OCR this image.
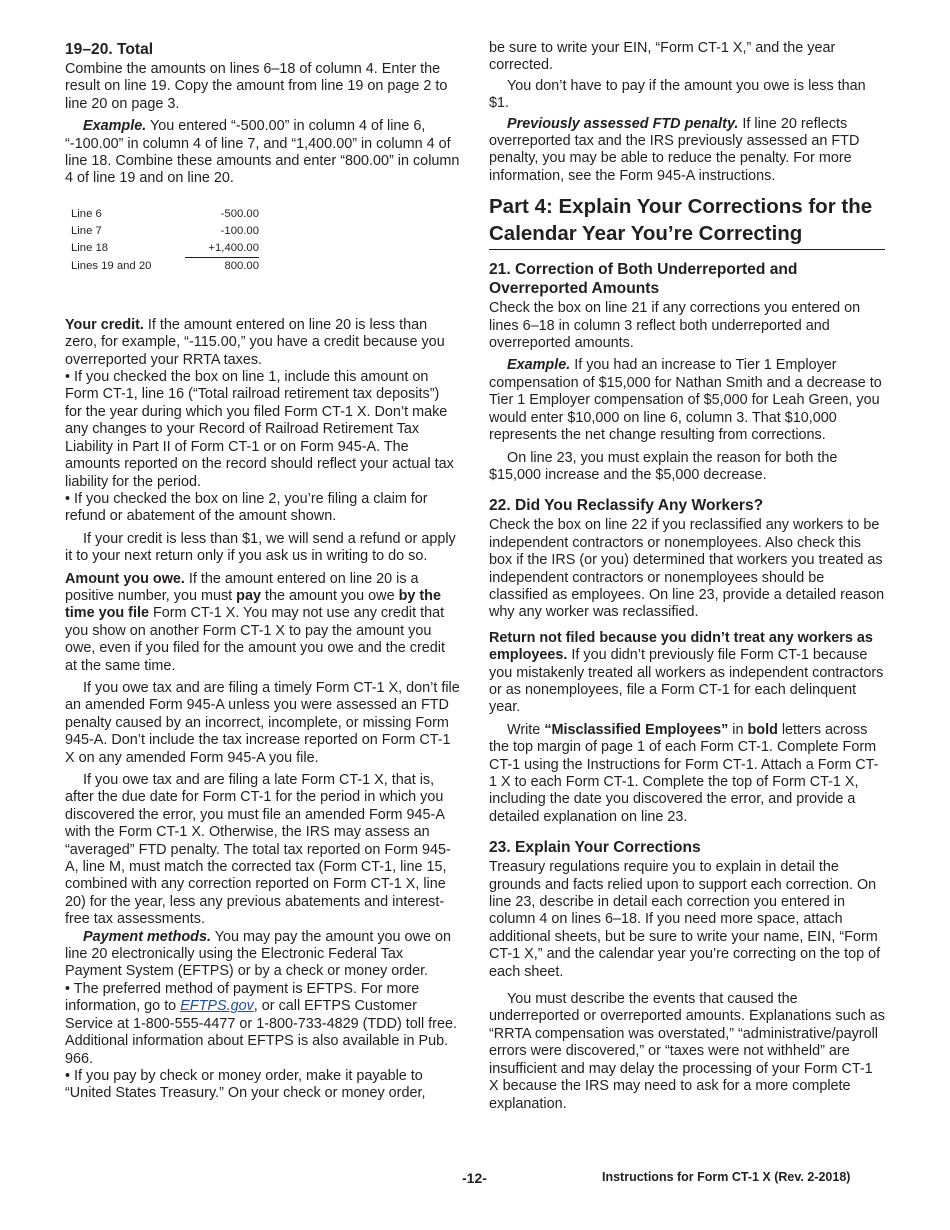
19–20. Total

Combine the amounts on lines 6–18 of column 4. Enter the result on line 19. Copy the amount from line 19 on page 2 to line 20 on page 3.

Example. You entered “-500.00” in column 4 of line 6, “-100.00” in column 4 of line 7, and “1,400.00” in column 4 of line 18. Combine these amounts and enter “800.00” in column 4 of line 19 and on line 20.

Line 6	-500.00
Line 7	-100.00
Line 18	+1,400.00
Lines 19 and 20	800.00

Your credit. If the amount entered on line 20 is less than zero, for example, “-115.00,” you have a credit because you overreported your RRTA taxes.

• If you checked the box on line 1, include this amount on Form CT-1, line 16 (“Total railroad retirement tax deposits”) for the year during which you filed Form CT-1 X. Don’t make any changes to your Record of Railroad Retirement Tax Liability in Part II of Form CT-1 or on Form 945-A. The amounts reported on the record should reflect your actual tax liability for the period.

• If you checked the box on line 2, you’re filing a claim for refund or abatement of the amount shown.

If your credit is less than $1, we will send a refund or apply it to your next return only if you ask us in writing to do so.

Amount you owe. If the amount entered on line 20 is a positive number, you must pay the amount you owe by the time you file Form CT-1 X. You may not use any credit that you show on another Form CT-1 X to pay the amount you owe, even if you filed for the amount you owe and the credit at the same time.

If you owe tax and are filing a timely Form CT-1 X, don’t file an amended Form 945-A unless you were assessed an FTD penalty caused by an incorrect, incomplete, or missing Form 945-A. Don’t include the tax increase reported on Form CT-1 X on any amended Form 945-A you file.

If you owe tax and are filing a late Form CT-1 X, that is, after the due date for Form CT-1 for the period in which you discovered the error, you must file an amended Form 945-A with the Form CT-1 X. Otherwise, the IRS may assess an “averaged” FTD penalty. The total tax reported on Form 945-A, line M, must match the corrected tax (Form CT-1, line 15, combined with any correction reported on Form CT-1 X, line 20) for the year, less any previous abatements and interest-free tax assessments.

Payment methods. You may pay the amount you owe on line 20 electronically using the Electronic Federal Tax Payment System (EFTPS) or by a check or money order.

• The preferred method of payment is EFTPS. For more information, go to EFTPS.gov, or call EFTPS Customer Service at 1-800-555-4477 or 1-800-733-4829 (TDD) toll free. Additional information about EFTPS is also available in Pub. 966.
• If you pay by check or money order, make it payable to “United States Treasury.” On your check or money order,

be sure to write your EIN, “Form CT-1 X,” and the year corrected.

You don’t have to pay if the amount you owe is less than $1.

Previously assessed FTD penalty. If line 20 reflects overreported tax and the IRS previously assessed an FTD penalty, you may be able to reduce the penalty. For more information, see the Form 945-A instructions.

Part 4: Explain Your Corrections for the Calendar Year You’re Correcting
21. Correction of Both Underreported and Overreported Amounts

Check the box on line 21 if any corrections you entered on lines 6–18 in column 3 reflect both underreported and overreported amounts.

Example. If you had an increase to Tier 1 Employer compensation of $15,000 for Nathan Smith and a decrease to Tier 1 Employer compensation of $5,000 for Leah Green, you would enter $10,000 on line 6, column 3. That $10,000 represents the net change resulting from corrections.

On line 23, you must explain the reason for both the $15,000 increase and the $5,000 decrease.

22. Did You Reclassify Any Workers?

Check the box on line 22 if you reclassified any workers to be independent contractors or nonemployees. Also check this box if the IRS (or you) determined that workers you treated as independent contractors or nonemployees should be classified as employees. On line 23, provide a detailed reason why any worker was reclassified.

Return not filed because you didn’t treat any workers as employees. If you didn’t previously file Form CT-1 because you mistakenly treated all workers as independent contractors or as nonemployees, file a Form CT-1 for each delinquent year.

Write “Misclassified Employees” in bold letters across the top margin of page 1 of each Form CT-1. Complete Form CT-1 using the Instructions for Form CT-1. Attach a Form CT-1 X to each Form CT-1. Complete the top of Form CT-1 X, including the date you discovered the error, and provide a detailed explanation on line 23.

23. Explain Your Corrections

Treasury regulations require you to explain in detail the grounds and facts relied upon to support each correction. On line 23, describe in detail each correction you entered in column 4 on lines 6–18. If you need more space, attach additional sheets, but be sure to write your name, EIN, “Form CT-1 X,” and the calendar year you’re correcting on the top of each sheet.

You must describe the events that caused the underreported or overreported amounts. Explanations such as “RRTA compensation was overstated,” “administrative/payroll errors were discovered,” or “taxes were not withheld” are insufficient and may delay the processing of your Form CT-1 X because the IRS may need to ask for a more complete explanation.

-12-	Instructions for Form CT-1 X (Rev. 2-2018)
